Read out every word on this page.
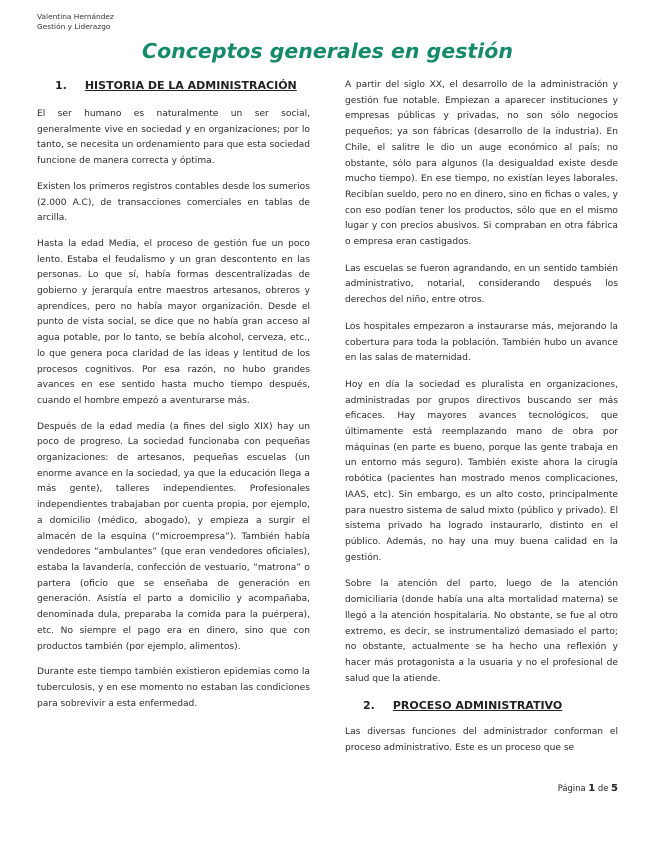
Valentina Hernández
Gestión y Liderazgo
Conceptos generales en gestión
1. HISTORIA DE LA ADMINISTRACIÓN

El ser humano es naturalmente un ser social, generalmente vive en sociedad y en organizaciones; por lo tanto, se necesita un ordenamiento para que esta sociedad funcione de manera correcta y óptima.

Existen los primeros registros contables desde los sumerios (2.000 A.C), de transacciones comerciales en tablas de arcilla.

Hasta la edad Media, el proceso de gestión fue un poco lento. Estaba el feudalismo y un gran descontento en las personas. Lo que sí, había formas descentralizadas de gobierno y jerarquía entre maestros artesanos, obreros y aprendices, pero no había mayor organización. Desde el punto de vista social, se dice que no había gran acceso al agua potable, por lo tanto, se bebía alcohol, cerveza, etc., lo que genera poca claridad de las ideas y lentitud de los procesos cognitivos. Por esa razón, no hubo grandes avances en ese sentido hasta mucho tiempo después, cuando el hombre empezó a aventurarse más.

Después de la edad media (a fines del siglo XIX) hay un poco de progreso. La sociedad funcionaba con pequeñas organizaciones: de artesanos, pequeñas escuelas (un enorme avance en la sociedad, ya que la educación llega a más gente), talleres independientes. Profesionales independientes trabajaban por cuenta propia, por ejemplo, a domicilio (médico, abogado), y empieza a surgir el almacén de la esquina (“microempresa”). También había vendedores “ambulantes” (que eran vendedores oficiales), estaba la lavandería, confección de vestuario, “matrona” o partera (oficio que se enseñaba de generación en generación. Asistía el parto a domicilio y acompañaba, denominada dula, preparaba la comida para la puérpera), etc. No siempre el pago era en dinero, sino que con productos también (por ejemplo, alimentos).

Durante este tiempo también existieron epidemias como la tuberculosis, y en ese momento no estaban las condiciones para sobrevivir a esta enfermedad.

A partir del siglo XX, el desarrollo de la administración y gestión fue notable. Empiezan a aparecer instituciones y empresas públicas y privadas, no son sólo negocios pequeños; ya son fábricas (desarrollo de la industria). En Chile, el salitre le dio un auge económico al país; no obstante, sólo para algunos (la desigualdad existe desde mucho tiempo). En ese tiempo, no existían leyes laborales. Recibían sueldo, pero no en dinero, sino en fichas o vales, y con eso podían tener los productos, sólo que en el mismo lugar y con precios abusivos. Si compraban en otra fábrica o empresa eran castigados.

Las escuelas se fueron agrandando, en un sentido también administrativo, notarial, considerando después los derechos del niño, entre otros.

Los hospitales empezaron a instaurarse más, mejorando la cobertura para toda la población. También hubo un avance en las salas de maternidad.

Hoy en día la sociedad es pluralista en organizaciones, administradas por grupos directivos buscando ser más eficaces. Hay mayores avances tecnológicos, que últimamente está reemplazando mano de obra por máquinas (en parte es bueno, porque las gente trabaja en un entorno más seguro). También existe ahora la cirugía robótica (pacientes han mostrado menos complicaciones, IAAS, etc). Sin embargo, es un alto costo, principalmente para nuestro sistema de salud mixto (público y privado). El sistema privado ha logrado instaurarlo, distinto en el público. Además, no hay una muy buena calidad en la gestión.

Sobre la atención del parto, luego de la atención domiciliaria (donde había una alta mortalidad materna) se llegó a la atención hospitalaria. No obstante, se fue al otro extremo, es decir, se instrumentalizó demasiado el parto; no obstante, actualmente se ha hecho una reflexión y hacer más protagonista a la usuaria y no el profesional de salud que la atiende.

2. PROCESO ADMINISTRATIVO

Las diversas funciones del administrador conforman el proceso administrativo. Este es un proceso que se

Página 1 de 5
